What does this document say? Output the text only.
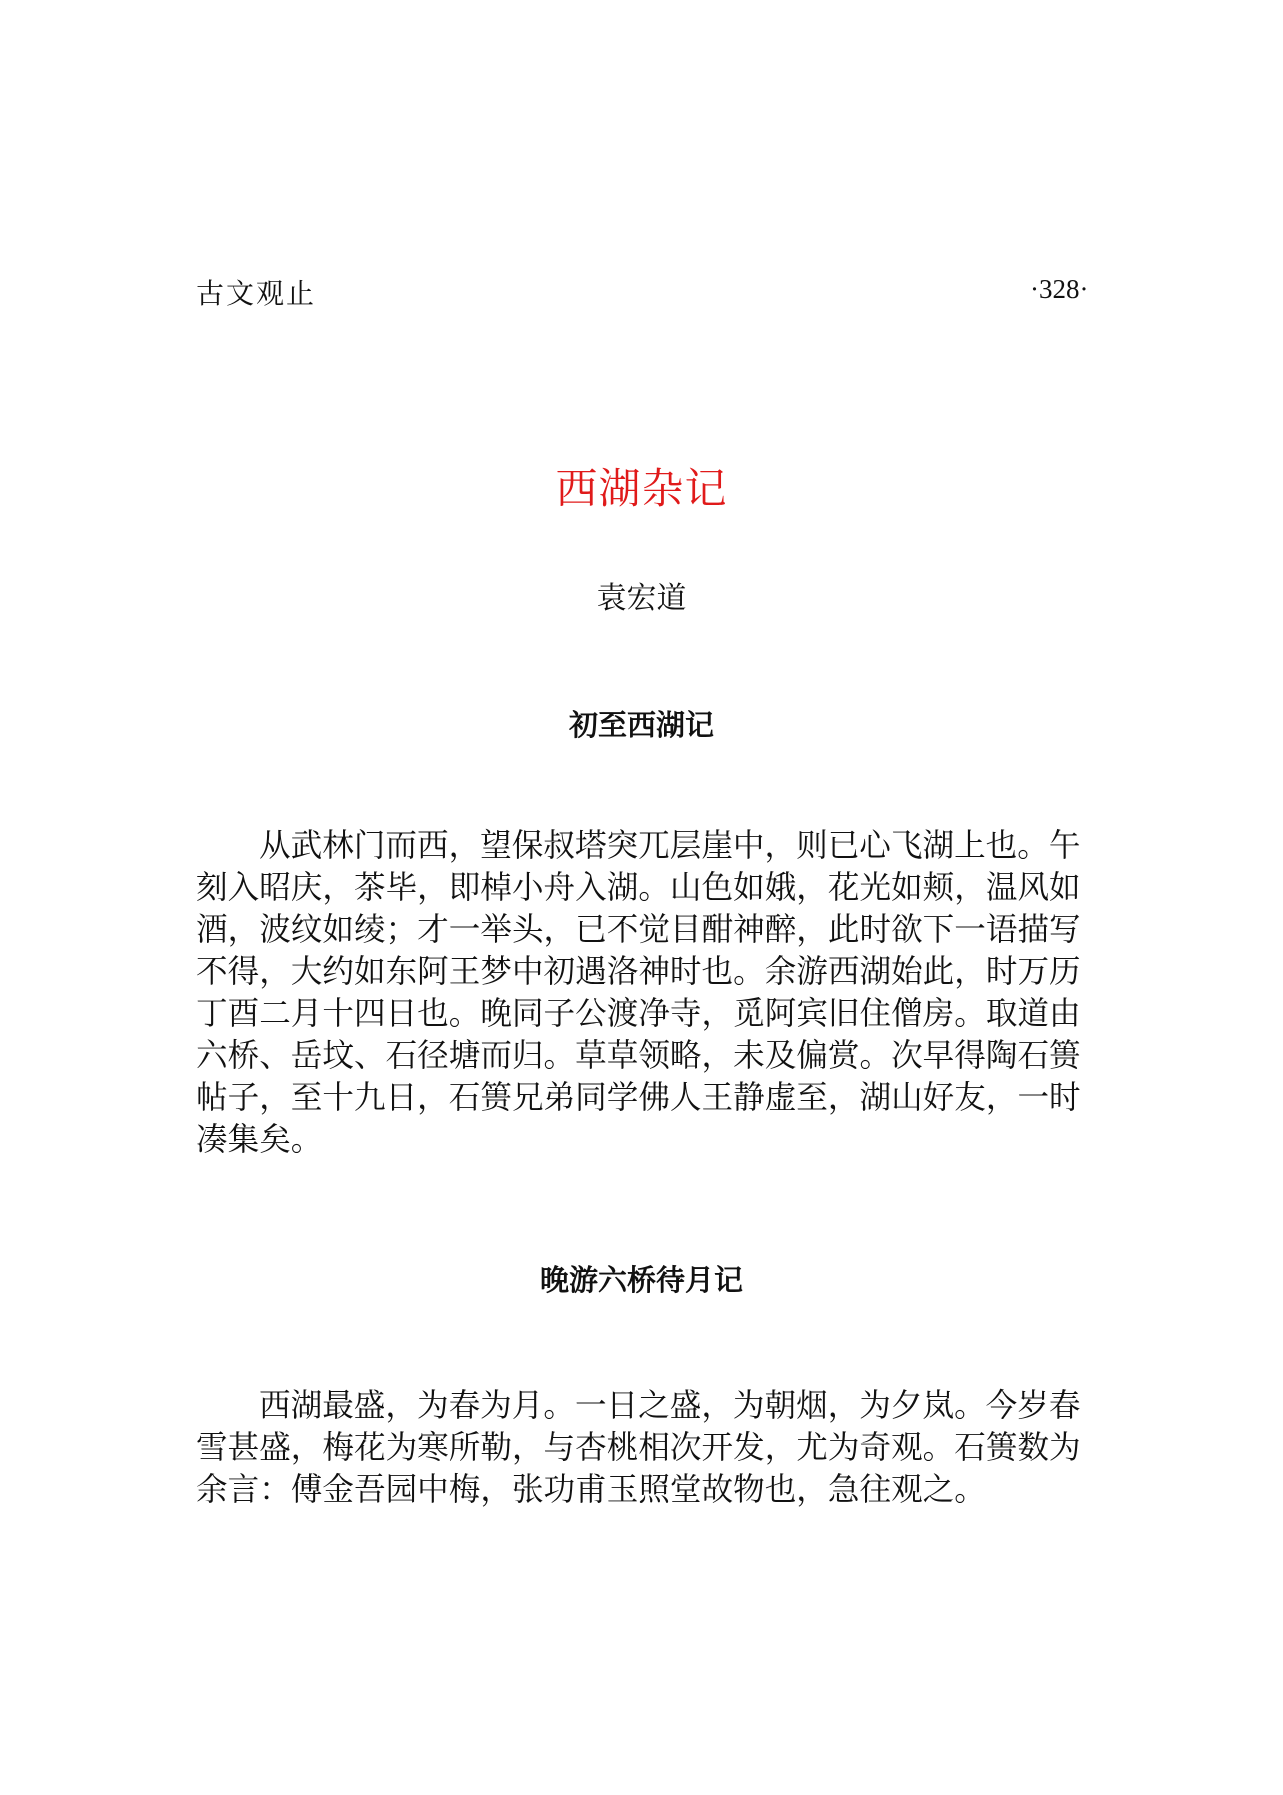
古文观止	·328·
西湖杂记
袁宏道
初至西湖记

从武林门而西，望保叔塔突兀层崖中，则已心飞湖上也。午刻入昭庆，茶毕，即棹小舟入湖。山色如娥，花光如颊，温风如酒，波纹如绫；才一举头，已不觉目酣神醉，此时欲下一语描写不得，大约如东阿王梦中初遇洛神时也。余游西湖始此，时万历丁酉二月十四日也。晚同子公渡净寺，觅阿宾旧住僧房。取道由六桥、岳坟、石径塘而归。草草领略，未及偏赏。次早得陶石篑帖子，至十九日，石篑兄弟同学佛人王静虚至，湖山好友，一时凑集矣。

晚游六桥待月记

西湖最盛，为春为月。一日之盛，为朝烟，为夕岚。今岁春雪甚盛，梅花为寒所勒，与杏桃相次开发，尤为奇观。石篑数为余言：傅金吾园中梅，张功甫玉照堂故物也，急往观之。
